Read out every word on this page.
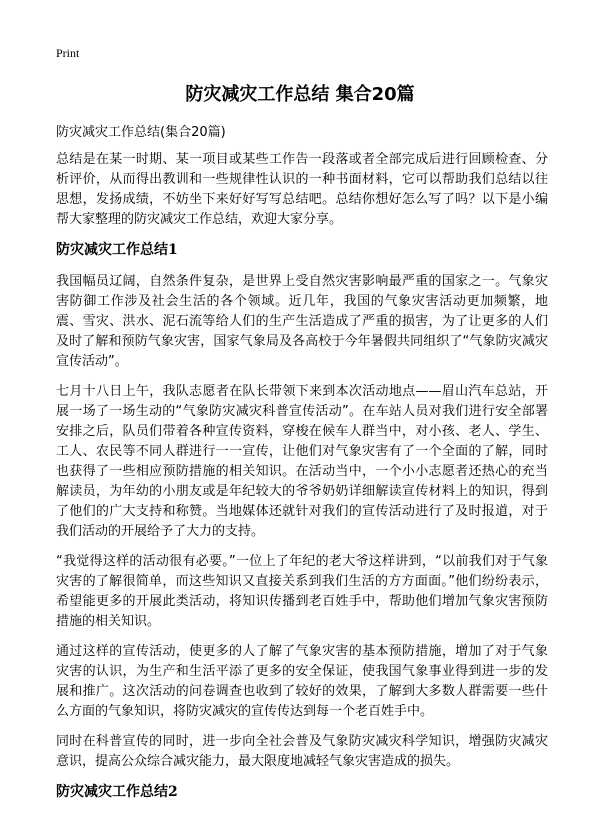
Print
防灾减灾工作总结 集合20篇
防灾减灾工作总结(集合20篇)

总结是在某一时期、某一项目或某些工作告一段落或者全部完成后进行回顾检查、分析评价，从而得出教训和一些规律性认识的一种书面材料，它可以帮助我们总结以往思想，发扬成绩，不妨坐下来好好写写总结吧。总结你想好怎么写了吗？以下是小编帮大家整理的防灾减灾工作总结，欢迎大家分享。

防灾减灾工作总结1

我国幅员辽阔，自然条件复杂，是世界上受自然灾害影响最严重的国家之一。气象灾害防御工作涉及社会生活的各个领域。近几年，我国的气象灾害活动更加频繁，地震、雪灾、洪水、泥石流等给人们的生产生活造成了严重的损害，为了让更多的人们及时了解和预防气象灾害，国家气象局及各高校于今年暑假共同组织了“气象防灾减灾宣传活动”。

七月十八日上午，我队志愿者在队长带领下来到本次活动地点——眉山汽车总站，开展一场了一场生动的“气象防灾减灾科普宣传活动”。在车站人员对我们进行安全部署安排之后，队员们带着各种宣传资料，穿梭在候车人群当中，对小孩、老人、学生、工人、农民等不同人群进行一一宣传，让他们对气象灾害有了一个全面的了解，同时也获得了一些相应预防措施的相关知识。在活动当中，一个小小志愿者还热心的充当解读员，为年幼的小朋友或是年纪较大的爷爷奶奶详细解读宣传材料上的知识，得到了他们的广大支持和称赞。当地媒体还就针对我们的宣传活动进行了及时报道，对于我们活动的开展给予了大力的支持。

“我觉得这样的活动很有必要。”一位上了年纪的老大爷这样讲到，“以前我们对于气象灾害的了解很简单，而这些知识又直接关系到我们生活的方方面面。”他们纷纷表示，希望能更多的开展此类活动，将知识传播到老百姓手中，帮助他们增加气象灾害预防措施的相关知识。

通过这样的宣传活动，使更多的人了解了气象灾害的基本预防措施，增加了对于气象灾害的认识，为生产和生活平添了更多的安全保证，使我国气象事业得到进一步的发展和推广。这次活动的问卷调查也收到了较好的效果，了解到大多数人群需要一些什么方面的气象知识，将防灾减灾的宣传传达到每一个老百姓手中。

同时在科普宣传的同时，进一步向全社会普及气象防灾减灾科学知识，增强防灾减灾意识，提高公众综合减灾能力，最大限度地减轻气象灾害造成的损失。

防灾减灾工作总结2
